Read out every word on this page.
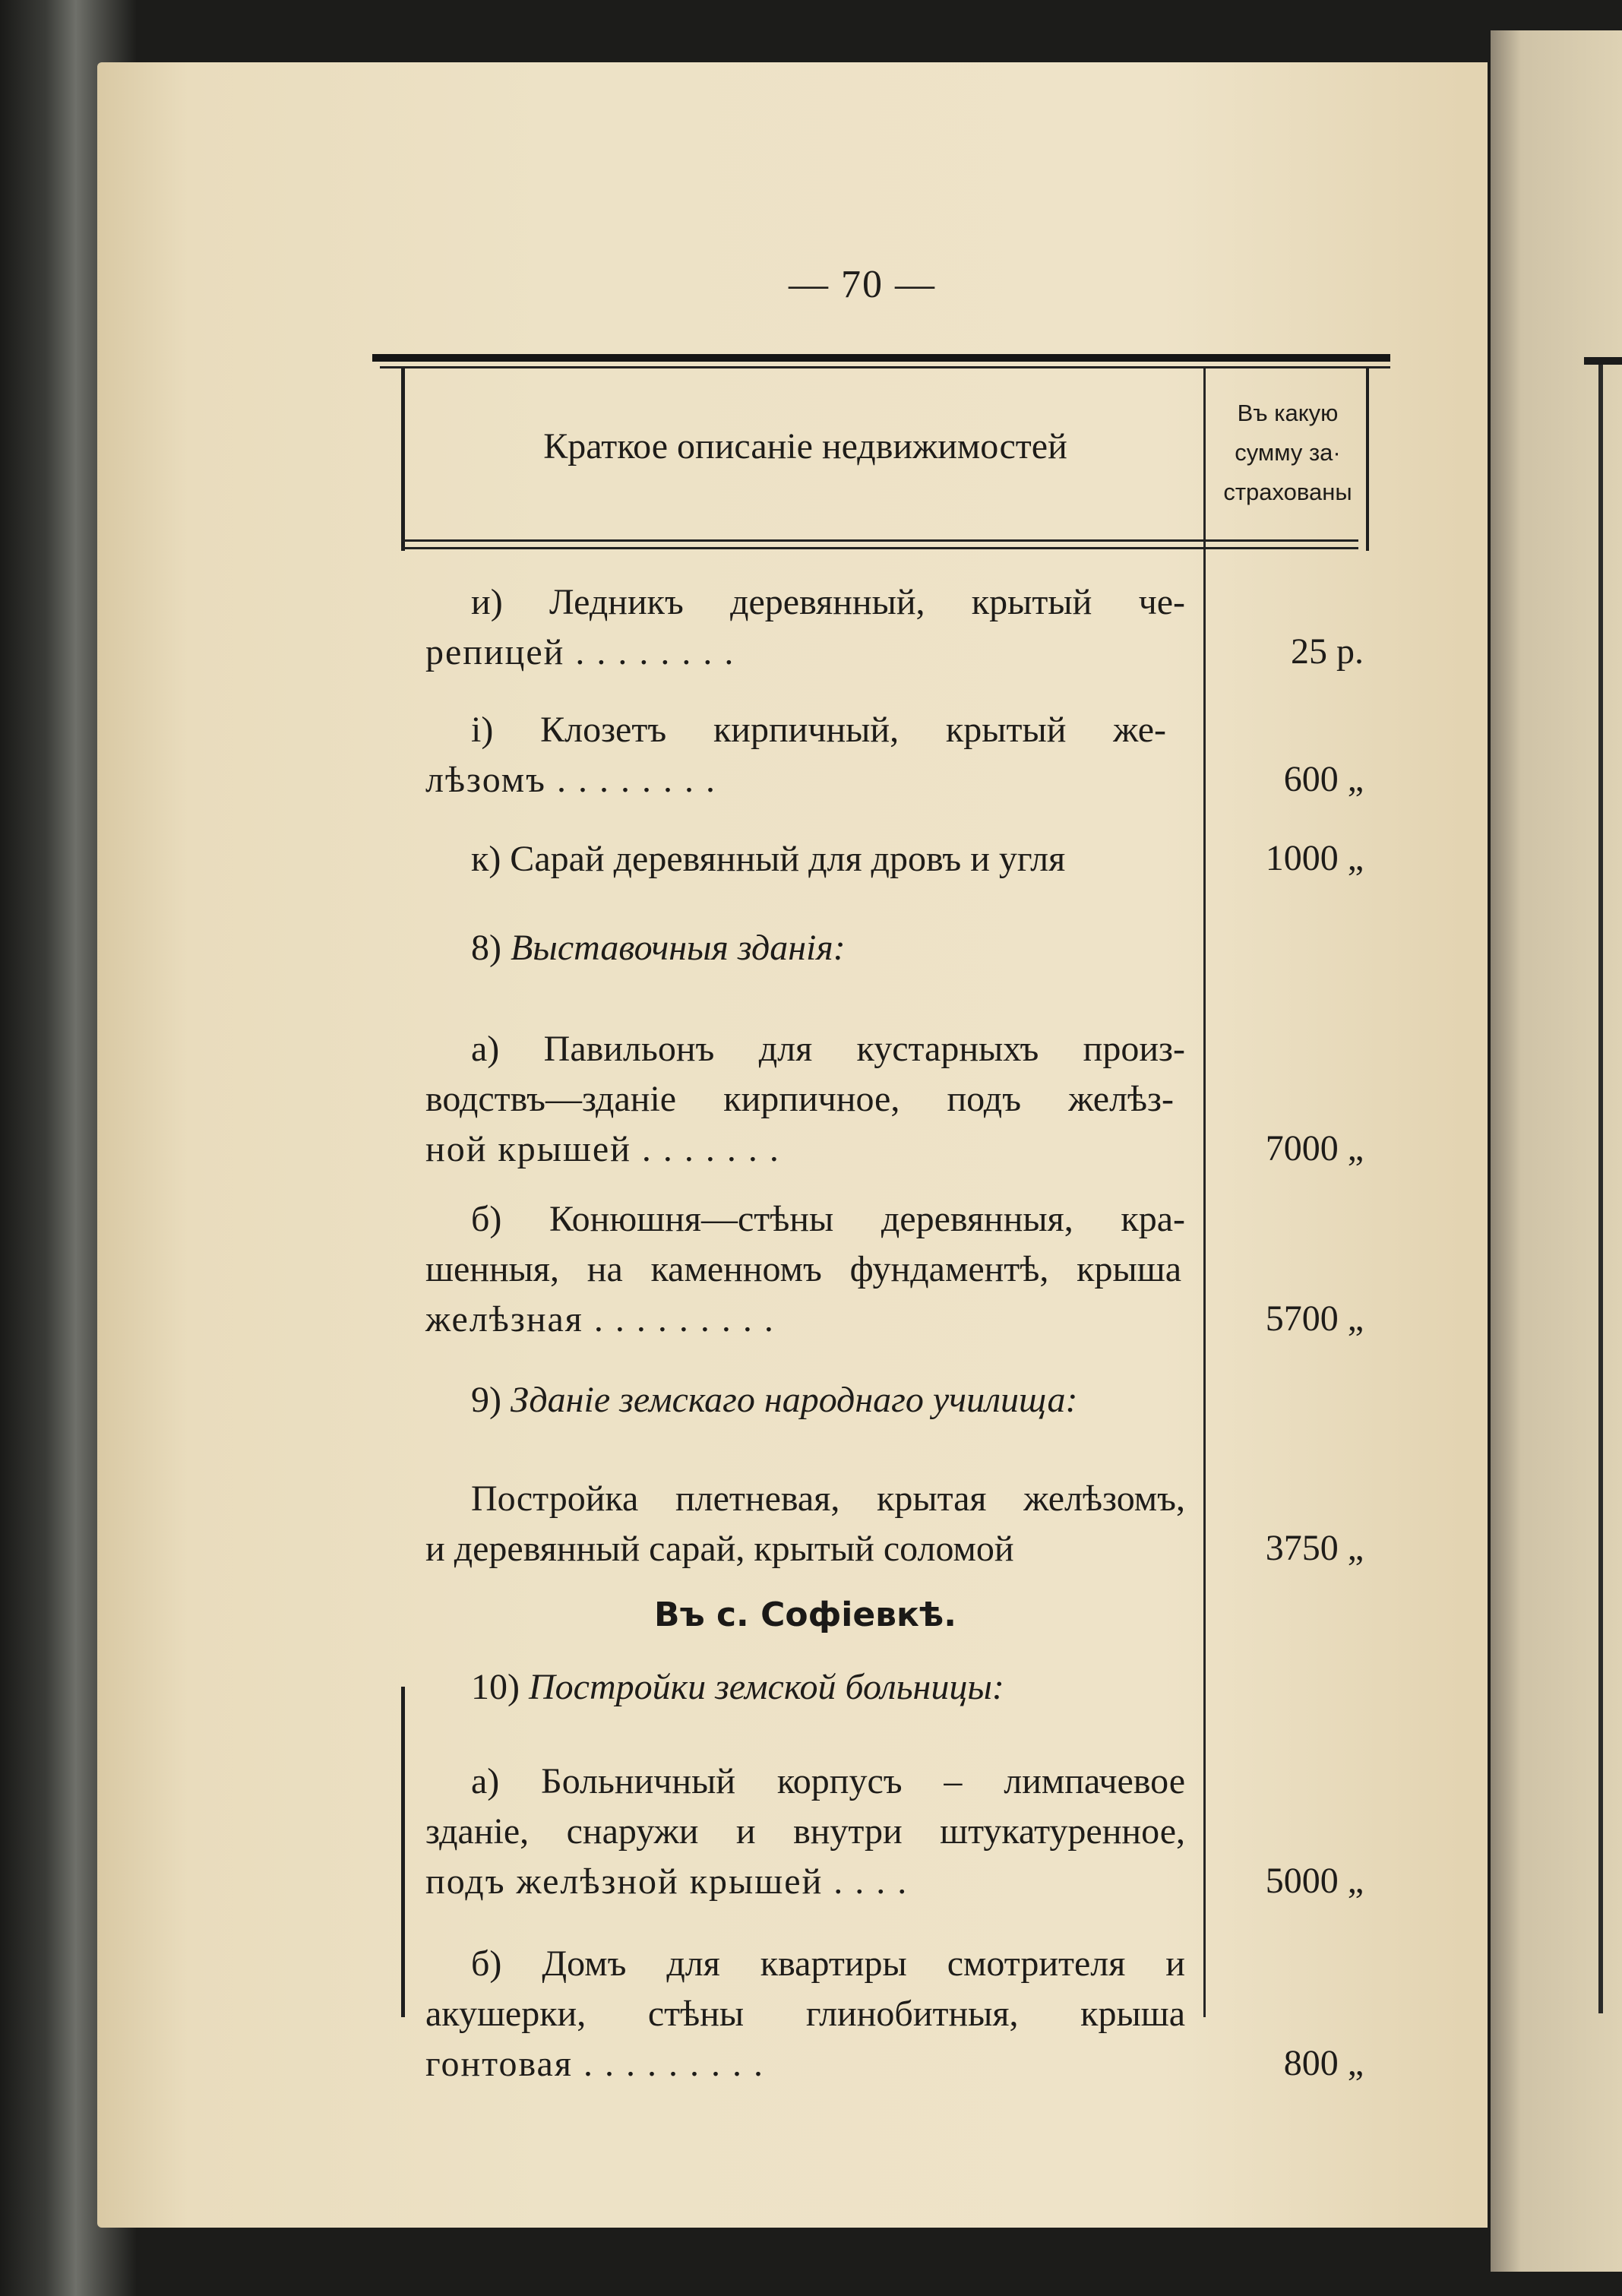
— 70 —
Краткое описаніе недвижимостей
Въ какую
сумму за·
страхованы
и) Ледникъ деревянный, крытый че-
репицей . . . . . . . .	25 р.
і) Клозетъ кирпичный, крытый же-
лѣзомъ . . . . . . . .	600 „
к) Сарай деревянный для дровъ и угля	1000 „
8) Выставочныя зданія:
а) Павильонъ для кустарныхъ произ-
водствъ—зданіе кирпичное, подъ желѣз-
ной крышей . . . . . . .	7000 „
б) Конюшня—стѣны деревянныя, кра-
шенныя, на каменномъ фундаментѣ, крыша
желѣзная . . . . . . . . .	5700 „
9) Зданіе земскаго народнаго училища:
Постройка плетневая, крытая желѣзомъ,
и деревянный сарай, крытый соломой	3750 „
Въ с. Софіевкѣ.
10) Постройки земской больницы:
а) Больничный корпусъ – лимпачевое
зданіе, снаружи и внутри штукатуренное,
подъ желѣзной крышей . . . .	5000 „
б) Домъ для квартиры смотрителя и
акушерки, стѣны глинобитныя, крыша
гонтовая . . . . . . . . .	800 „
